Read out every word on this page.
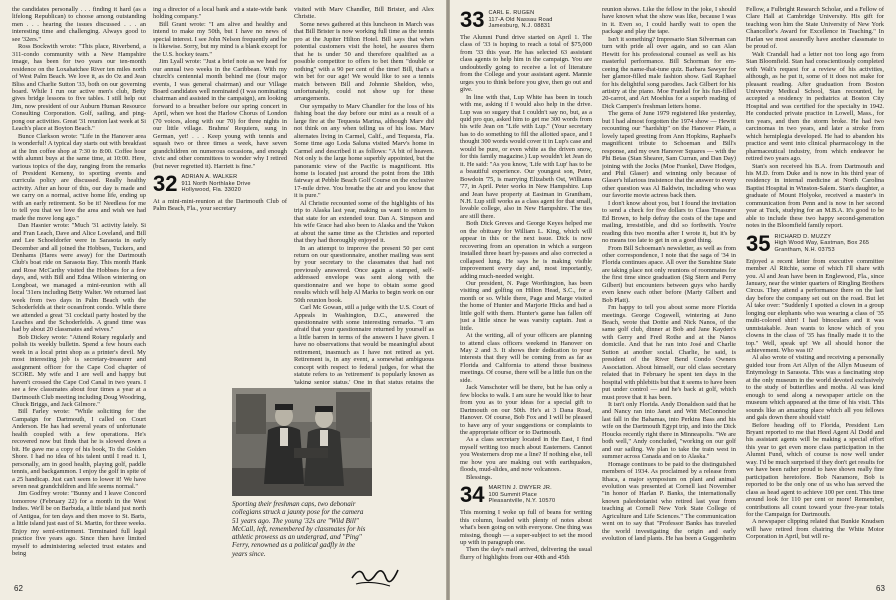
the candidates personally . . . finding it hard (as a lifelong Republican) to choose among outstanding men . . . hearing the issues discussed . . . an interesting time and challenging. Always good to see '32ers."

Ross Bockwith wrote: "This place, Riverbend, a 311-condo community with a New Hampshire image, has been for two years our ten-month residence on the Loxahatchee River ten miles north of West Palm Beach. We love it, as do Oz and Jean Bliss and Charlie Sutton '33, both on our governing board. While I run our active men's club, Betty gives bridge lessons to five tables. I still help out Jim, now president of our Auburn Human Resource Consulting Corporation. Golf, sailing, and ping-pong our activities. Great '31 reunion last week at Si Leach's place at Boyton Beach."

Bunce Clarkson wrote: "Life in the Hanover area is wonderful! A typical day starts out with breakfast at the Inn coffee shop at 7:30 to 8:00. Coffee hour with alumni buys at the same time, at 10:00. Here, various topics of the day, ranging from the remarks of President Kemeny, to sporting events and curricula policy are discussed. Really healthy activity. After an hour of this, our day is made and we carry on a normal, active home life, ending up with an early retirement. So be it! Needless for me to tell you that we love the area and wish we had made the move long ago."

Dan Hasnier wrote: "Much '31 activity lately. Si and Fran Leach, Dave and Alice Loveland, and Bill and Lee Schoeldorfer were in Sarasota in early December and all joined the Hobbses, Tuckers, and Denhams (Hares were away) for the Dartmouth Club's boat ride on Sarasota Bay. This month Hank and Rose McCarthy visited the Hobbses for a few days, and, with Bill and Edna Wilson wintering on Longboat, we managed a mini-reunion with all local '31ers including Betty Walter. We returned last week from two days in Palm Beach with the Schoderfelds at their oceanfront condo. While there we attended a great '31 cocktail party hosted by the Leaches and the Schoderfelds. A grand time was had by about 20 classmates and wives."

Bob Dickey wrote: "Attend Rotary regularly and polish its weekly bulletin. Spend a few hours each week in a local print shop as a printer's devil. My most interesting job is secretary-treasurer and assignment officer for the Cape Cod chapter of SCORE. My wife and I are well and happy but haven't crossed the Cape Cod Canal in two years. I see a few classmates about four times a year at a Dartmouth Club meeting including Doug Woodring, Chuck Briggs, and Jack Gilmore."

Bill Farley wrote: "While soliciting for the Campaign for Dartmouth, I called on Court Anderson. He has had several years of unfortunate health coupled with a few operations. He's recovered now but finds that he is slowed down a bit. He gave me a copy of his book, To the Golden Shore. I had no idea of his talent until I read it. I, personally, am in good health, playing golf, paddle tennis, and backgammon. I enjoy the golf in spite of a 25 handicap. Just can't seem to lower it! We have seven neat grandchildren and life seems normal."

Jim Godfrey wrote: "Bunny and I leave Concord tomorrow (February 22) for a month in the West Indies. We'll be on Barbuda, a little island just north of Antigua, for ten days and then move to St. Barts, a little island just east of St. Martin, for three weeks. Enjoy my semi-retirement. Terminated full legal practice five years ago. Since then have limited myself to administering selected trust estates and being

ing a director of a local bank and a state-wide bank holding company."

Bill Grant wrote: "I am alive and healthy and intend to make my 50th, but I have no news of special interest. I see John Nelson frequently and he is likewise. Sorry, but my mind is a blank except for the U.S. hockey team."

Jim Lyall wrote: "Just a brief note as we head for our annual two weeks in the Caribbean. With my church's centennial month behind me (four major events, I was general chairman) and our Village Board candidates well nominated (I was nominating chairman and assisted in the campaign), am looking forward to a breather before our spring concert in April, when we host the Harlow Chorus of London (70 voices, along with our 70) for three nights in our little village. Brahms' Requiem, sung in German, yet! . . . Keep young with tennis and squash two or three times a week, have seven grandchildren on numerous occasions, and enough civic and other committees to wonder why I retired (but never regretted it). Harriett is fine."

32 ADRIAN A. WALKER
911 North Northlake Drive
Hollywood, Fla. 33020

At a mini-mini-reunion at the Dartmouth Club of Palm Beach, Fla., your secretary

visited with Marv Chandler, Bill Brister, and Alex Christie.

Some news gathered at this luncheon in March was that Bill Brister is now working full time as the tennis pro at the Jupiter Hilton Hotel. Bill says that when potential customers visit the hotel, he assures them that he is under 50 and therefore qualified as a possible competitor to offers to bet them "double or nothing" with a 90 per cent of the time! Bill, that's a win bet for our age! We would like to see a tennis match between Bill and Johnnie Sheldon, who, unfortunately, could not show up for these arrangements.

Our sympathy to Marv Chandler for the loss of his fishing boat the day before our mini as a result of a large fire at the Tequesta Marina, although Marv did not think on any when telling us of his loss. Marv alternates living in Carmel, Calif., and Tequesta, Fla. Some time ago Loda Saluna visited Marv's home in Carmel and described it as follows: "A bit of heaven. Not only is the large home superbly appointed, but the panoramic view of the Pacific is magnificent. His home is located just around the point from the 18th fairway at Pebble Beach Golf Course on the exclusive 17-mile drive. You breathe the air and you know that it is pure."

Al Christie recounted some of the highlights of his trip to Alaska last year, making us want to return to that state for an extended tour. Dan A. Simpson and his wife Grace had also been to Alaska and the Yukon at about the same time as the Christies and reported that they had thoroughly enjoyed it.

In an attempt to improve the present 50 per cent return on our questionnaire, another mailing was sent by your secretary to the classmates that had not previously answered. Once again a stamped, self-addressed envelope was sent along with the questionnaire and we hope to obtain some good results which will help Al Marks to begin work on our 50th reunion book.

Carl Mc Gowan, still a judge with the U.S. Court of Appeals in Washington, D.C., answered the questionnaire with some interesting remarks. "I am afraid that your questionnaire returned by yourself as a little barren in terms of the answers I have given. I have no observations that would be meaningful about retirement, inasmuch as I have not retired as yet. Retirement is, in any event, a somewhat ambiguous concept with respect to federal judges, for what the statute refers to as 'retirement' is popularly known as 'taking senior status.' One in that status retains the

Sporting their freshman caps, two debonair collegians struck a jaunty pose for the camera 51 years ago. The young '32s are "Wild Bill" McCall, left, remembered by classmates for his athletic prowess as an undergrad, and "Ping" Ferry, renowned as a political gadfly in the years since.
62
33 CARL E. RUGEN
117-A Old Nassau Road
Jamesburg, N.J. 08831

The Alumni Fund drive started on April 1. The class of '33 is hoping to reach a total of $75,000 from '33 this year. He has selected 63 assistant class agents to help him in the campaign. You are undoubtedly going to receive a lot of literature from the College and your assistant agent. Mannie urges you to think before you give, then go out and give.

In line with that, Lup White has been in touch with me, asking if I would also help in the drive. Lup was so sugary that I couldn't say no, but, as a quid pro quo, asked him to get me 300 words from his wife Jean on "Life with Lup." (Your secretary has to do something to fill the allotted space, and I thought 300 words would cover it in Lup's case and would be pure, or even white as the driven snow, for this family magazine.) Lup wouldn't let Jean do it. He said: "As you know, 'Life with Lup' has to be a beautiful experience. Our youngest son, Peter, Bowdoin '75, is marrying Elizabeth Ost, Williams '77, in April. Peter works in New Hampshire. Lup and Jean have property at Eastman in Grantham, N.H. Lup still works as a class agent for that small, lovable college, also in New Hampshire. The ties are still there.

Both Dick Greves and George Keyes helped me on the obituary for William L. King, which will appear in this or the next issue. Dick is now recovering from an operation in which a surgeon installed three heart by-passes and also corrected a collapsed lung. He says he is making visible improvement every day and, most importantly, adding much-needed weight.

Our president, N. Page Worthington, has been visiting and golfing on Hilton Head, S.C., for a month or so. While there, Page and Marge visited the home of Hunter and Marjorie Hicks and had a little golf with them. Hunter's game has fallen off just a little since he was varsity captain. Just a little.

At the writing, all of your officers are planning to attend class officers weekend in Hanover on May 2 and 3. It shows their dedication to your interests that they will be coming from as far as Florida and California to attend those business meetings. Of course, there will be a little fun on the side.

Jack Vanschoter will be there, but he has only a few blocks to walk. I am sure he would like to hear from you as to your ideas for a special gift to Dartmouth on our 50th. He's at 3 Dana Road, Hanover. Of course, Bob Fox and I will be pleased to have any of your suggestions or complaints to the appropriate officer or to Dartmouth.

As a class secretary located in the East, I find myself writing too much about Easterners. Cannot you Westerners drop me a line? If nothing else, tell me how you are making out with earthquakes, floods, mud-slides, and now volcanoes.

Blessings.

34 MARTIN J. DWYER JR.
100 Summit Place
Pleasantville, N.Y. 10570

This morning I woke up full of beans for writing this column, loaded with plenty of notes about what's been going on with everyone. One thing was missing, though — a super-subject to set the mood up with in paragraph one.

Then the day's mail arrived, delivering the usual flurry of highlights from our 40th and 45th

reunion shows. Like the fellow in the joke, I should have known what the show was like, because I was in it. Even so, I could hardly wait to open the package and play the tape.

Isn't it something? Impresario Stan Silverman can turn with pride all over again, and so can Alan Hewitt for his professional counsel as well as his masterful performance. Bill Schorman for em-ceeing the name-that-tune quiz. Barbara Sawyer for her glamor-filled male fashion show. Gail Raphael for his delightful song parodies. Jack Gilbert for his artistry at the piano. Moe Frankel for his fun-filled 20-carrot, and Art Moehlus for a superb reading of Dick Campen's freshman letters home.

The gems of June 1979 registered like yesterday, but I had almost forgotten the 1974 show — Hewitt recounting our "hardship" on the Hanover Plain, a lovely taped greeting from Ann Hopkins, Raphael's magnificent tribute to Schoeman and Bill's response, and my own Hanover Squares — with the Phi Betas (Stan Shearer, Sam Curran, and Dan Day) joining with the Jocks (Moe Frankel, Dave Hodges, and Phil Glaser) and winning only because of Glaser's hilarious insistence that the answer to every other question was Al Baldwin, including who was our favorite movie actress back then.

I don't know about you, but I found the invitation to send a check for five dollars to Class Treasurer Ed Brown, to help defray the costs of the tape and mailing, irresistible, and did so forthwith. You're reading this two months after I wrote it, but it's by no means too late to get in on a good thing.

From Bill Schoeman's newsletter, as well as from other correspondence, I note that the saga of '34 in Florida continues apace. All over the Sunshine State are taking place not only reunions of roommates for the first time since graduation (Sig Stern and Perry Gilbert) but encounters between guys who hardly even knew each other before (Marty Gilbert and Bob Platt).

I'm happy to tell you about some more Florida meetings. George Cogswell, wintering at Juno Beach, wrote that Dottie and Nick Nanos, of the same golf club, dinner at Bob and Jane Kayden's with Gerry and Fred Rothe and at the Nanos domicile. And that he ran into José and Charlie Sutton at another social. Charlie, he said, is president of the River Bend Condo Owners Association. About himself, our old class secretary related that in February he spent ten days in the hospital with phlebitis but that it seems to have been put under control — and he's back at golf, which must prove that it has been.

It isn't only Florida. Andy Donaldson said that he and Nancy ran into Janet and Witt McConnochie last fall in the Bahamas, into Perkins Bass and his wife on the Dartmouth Egypt trip, and into the Dick Houcks recently right there in Minneapolis. "We are both well," Andy concluded, "working on our golf and our sailing. We plan to take the train west in summer across Canada and on to Alaska."

Homage continues to be paid to the distinguished members of 1934. As proclaimed by a release from Ithaca, a major symposium on plant and animal evolution was presented at Cornell last November "in honor of Harlan P. Banks, the internationally known paleobotanist who retired last year from teaching at Cornell New York State College of Agriculture and Life Sciences." The communication went on to say that "Professor Banks has traveled the world investigating the origin and early evolution of land plants. He has been a Guggenheim

Fellow, a Fulbright Research Scholar, and a Fellow of Clare Hall at Cambridge University. His gift for teaching won him the State University of New York Chancellor's Award for Excellence in Teaching." In Harlan we most assuredly have another classmate to be proud of.

Walt Crandall had a letter not too long ago from Stan Bloomfield. Stan had conscientiously completed with Walt's request for a review of his activities, although, as he put it, some of it does not make for pleasant reading. After graduation from Boston University Medical School, Stan recounted, he accepted a residency in pediatrics at Boston City Hospital and was certified for the specialty in 1942. He conducted private practice in Lowell, Mass., for ten years, and then the storm broke. He had two carcinomas in two years, and later a stroke from which hemiplegia developed. He had to abandon his practice and went into clinical pharmacology in the pharmaceutical industry, from which endeavor he retired two years ago.

Stan's son received his B.A. from Dartmouth and his M.D. from Duke and is now in his third year of residency in internal medicine at North Carolina Baptist Hospital in Winston-Salem. Stan's daughter, a graduate of Mount Holyoke, received a master's in communication from Penn and is now in her second year at Tuck, studying for an M.B.A. It's good to be able to include these two happy second-generation notes in the Bloomfield family report.

35 RICHARD D. MUZZY
High Wood Way, Eastman, Box 265
Grantham, N.H. 03753

Enjoyed a recent letter from executive committee member Al Ritchie, some of which I'll share with you. Al and Jean have been in Englewood, Fla., since January, near the winter quarters of Ringling Brothers Circus. They attend a performance there on the last day before the company set out on the road. But let Al take over: "Suddenly I spotted a clown in a group longing our elephants who was wearing a class of '35 multi-colored shirt! I had binoculars and it was unmistakable. Jean wants to know which of you clowns in the class of '35 has finally made it to the top." Well, speak up! We all should honor the achievement. Who was it?

Al also wrote of visiting and receiving a personally guided tour from Art Allyn of the Allyn Museum of Entymology in Sarasota. This was a fascinating stop at the only museum in the world devoted exclusively to the study of butterflies and moths. Al was kind enough to send along a newspaper article on the museum which appeared at the time of his visit. This sounds like an amazing place which all you fellows and gals down there should visit!

Before heading off to Florida, President Len Bryant reported to me that Heed Agent Al Dodd and his assistant agents will be making a special effort this year to get even more class participation in the Alumni Fund, which of course is now well under way. I'd be much surprised if they don't get results for we have been rather proud to have shown really fine participation heretofore. Bob Naramore, Bob is reported to be the only one of us who has served the class as head agent to achieve 100 per cent. This time around look for 110 per cent or more! Remember, contributions all count toward your five-year totals for the Campaign for Dartmouth.

A newspaper clipping related that Bunkie Knudsen will have retired from chairing the White Motor Corporation in April, but will re-

63
